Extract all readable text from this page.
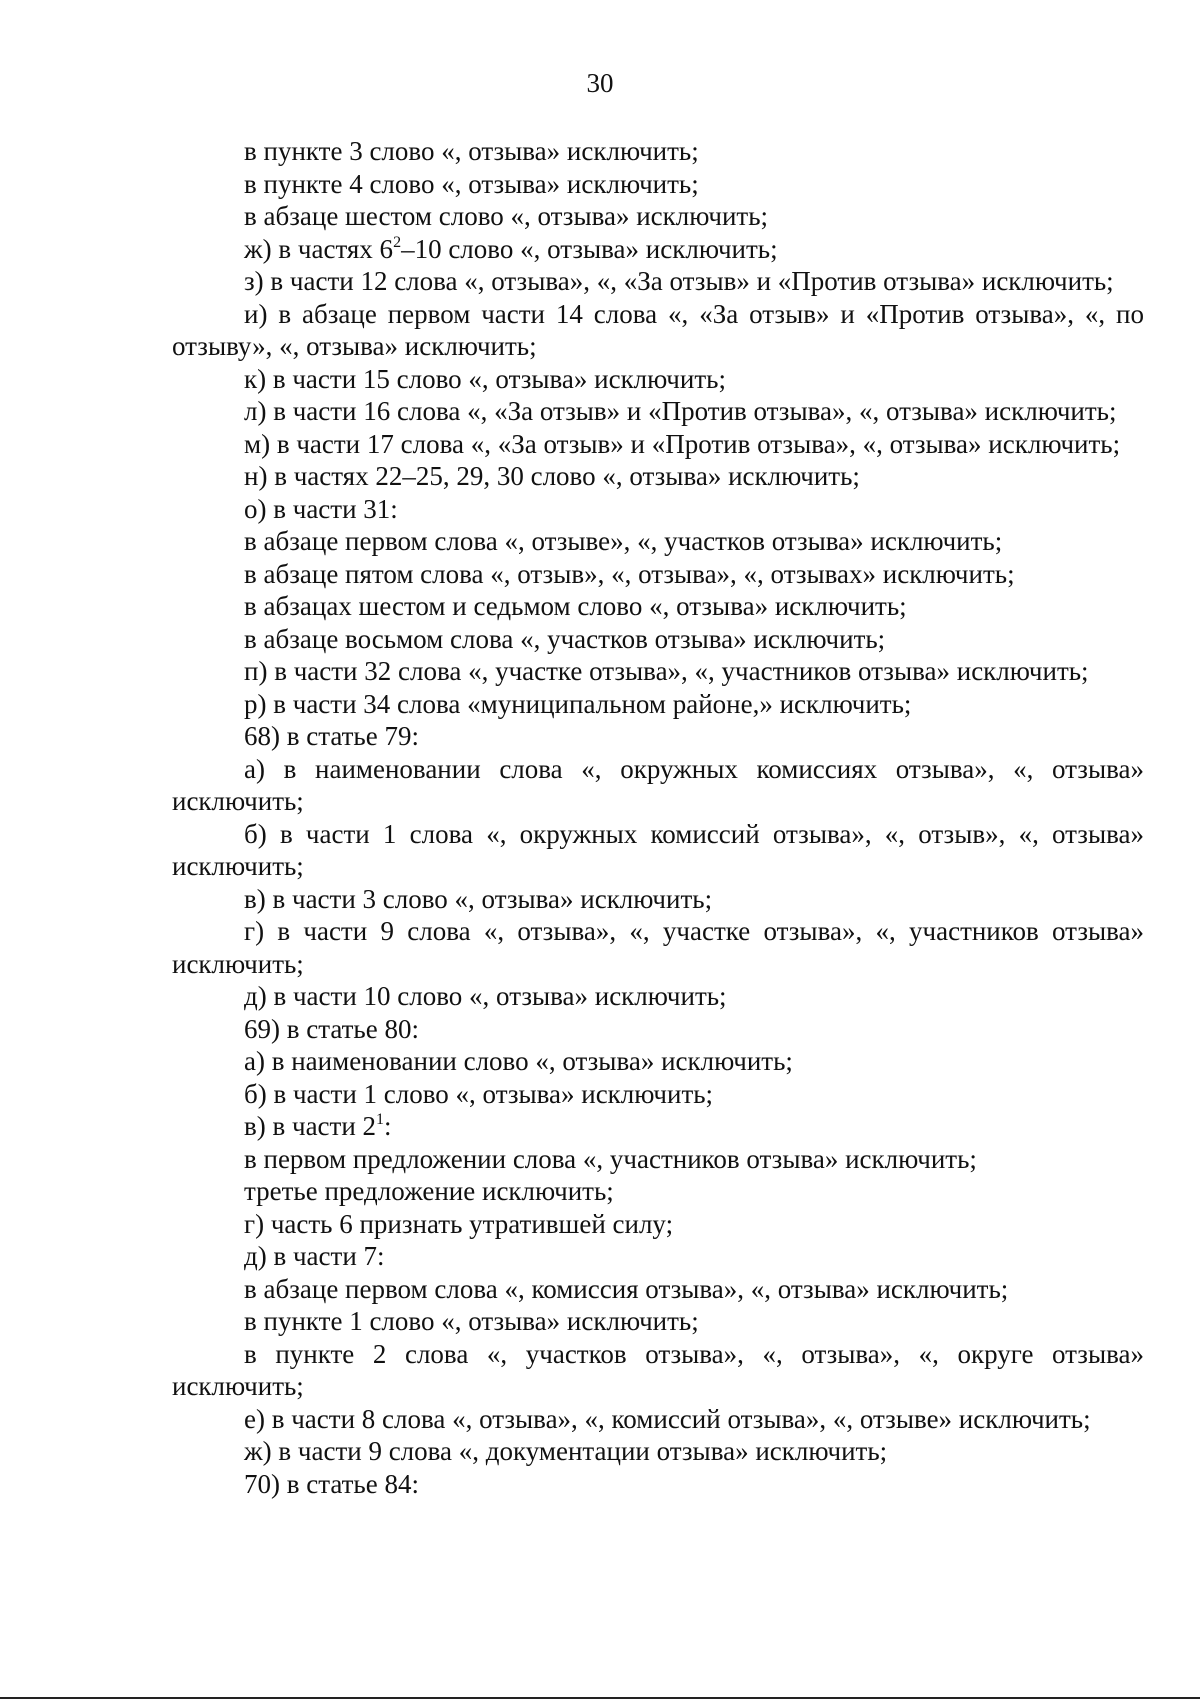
30

в пункте 3 слово «, отзыва» исключить;

в пункте 4 слово «, отзыва» исключить;

в абзаце шестом слово «, отзыва» исключить;

ж) в частях $6^2-10$ слово «, отзыва» исключить;

з) в части 12 слова «, отзыва», «, «За отзыв» и «Против отзыва» исключить;

и) в абзаце первом части 14 слова «, «За отзыв» и «Против отзыва», «, по отзыву», «, отзыва» исключить;

к) в части 15 слово «, отзыва» исключить;

л) в части 16 слова «, «За отзыв» и «Против отзыва», «, отзыва» исключить;

м) в части 17 слова «, «За отзыв» и «Против отзыва», «, отзыва» исключить;

н) в частях 22–25, 29, 30 слово «, отзыва» исключить;

о) в части 31:

в абзаце первом слова «, отзыве», «, участков отзыва» исключить;

в абзаце пятом слова «, отзыв», «, отзыва», «, отзывах» исключить;

в абзацах шестом и седьмом слово «, отзыва» исключить;

в абзаце восьмом слова «, участков отзыва» исключить;

п) в части 32 слова «, участке отзыва», «, участников отзыва» исключить;

р) в части 34 слова «муниципальном районе,» исключить;

68) в статье 79:

а) в наименовании слова «, окружных комиссиях отзыва», «, отзыва» исключить;

б) в части 1 слова «, окружных комиссий отзыва», «, отзыв», «, отзыва» исключить;

в) в части 3 слово «, отзыва» исключить;

г) в части 9 слова «, отзыва», «, участке отзыва», «, участников отзыва» исключить;

д) в части 10 слово «, отзыва» исключить;

69) в статье 80:

а) в наименовании слово «, отзыва» исключить;

б) в части 1 слово «, отзыва» исключить;

в) в части $2^1$:

в первом предложении слова «, участников отзыва» исключить;

третье предложение исключить;

г) часть 6 признать утратившей силу;

д) в части 7:

в абзаце первом слова «, комиссия отзыва», «, отзыва» исключить;

в пункте 1 слово «, отзыва» исключить;

в пункте 2 слова «, участков отзыва», «, отзыва», «, округе отзыва» исключить;

е) в части 8 слова «, отзыва», «, комиссий отзыва», «, отзыве» исключить;

ж) в части 9 слова «, документации отзыва» исключить;

70) в статье 84:
